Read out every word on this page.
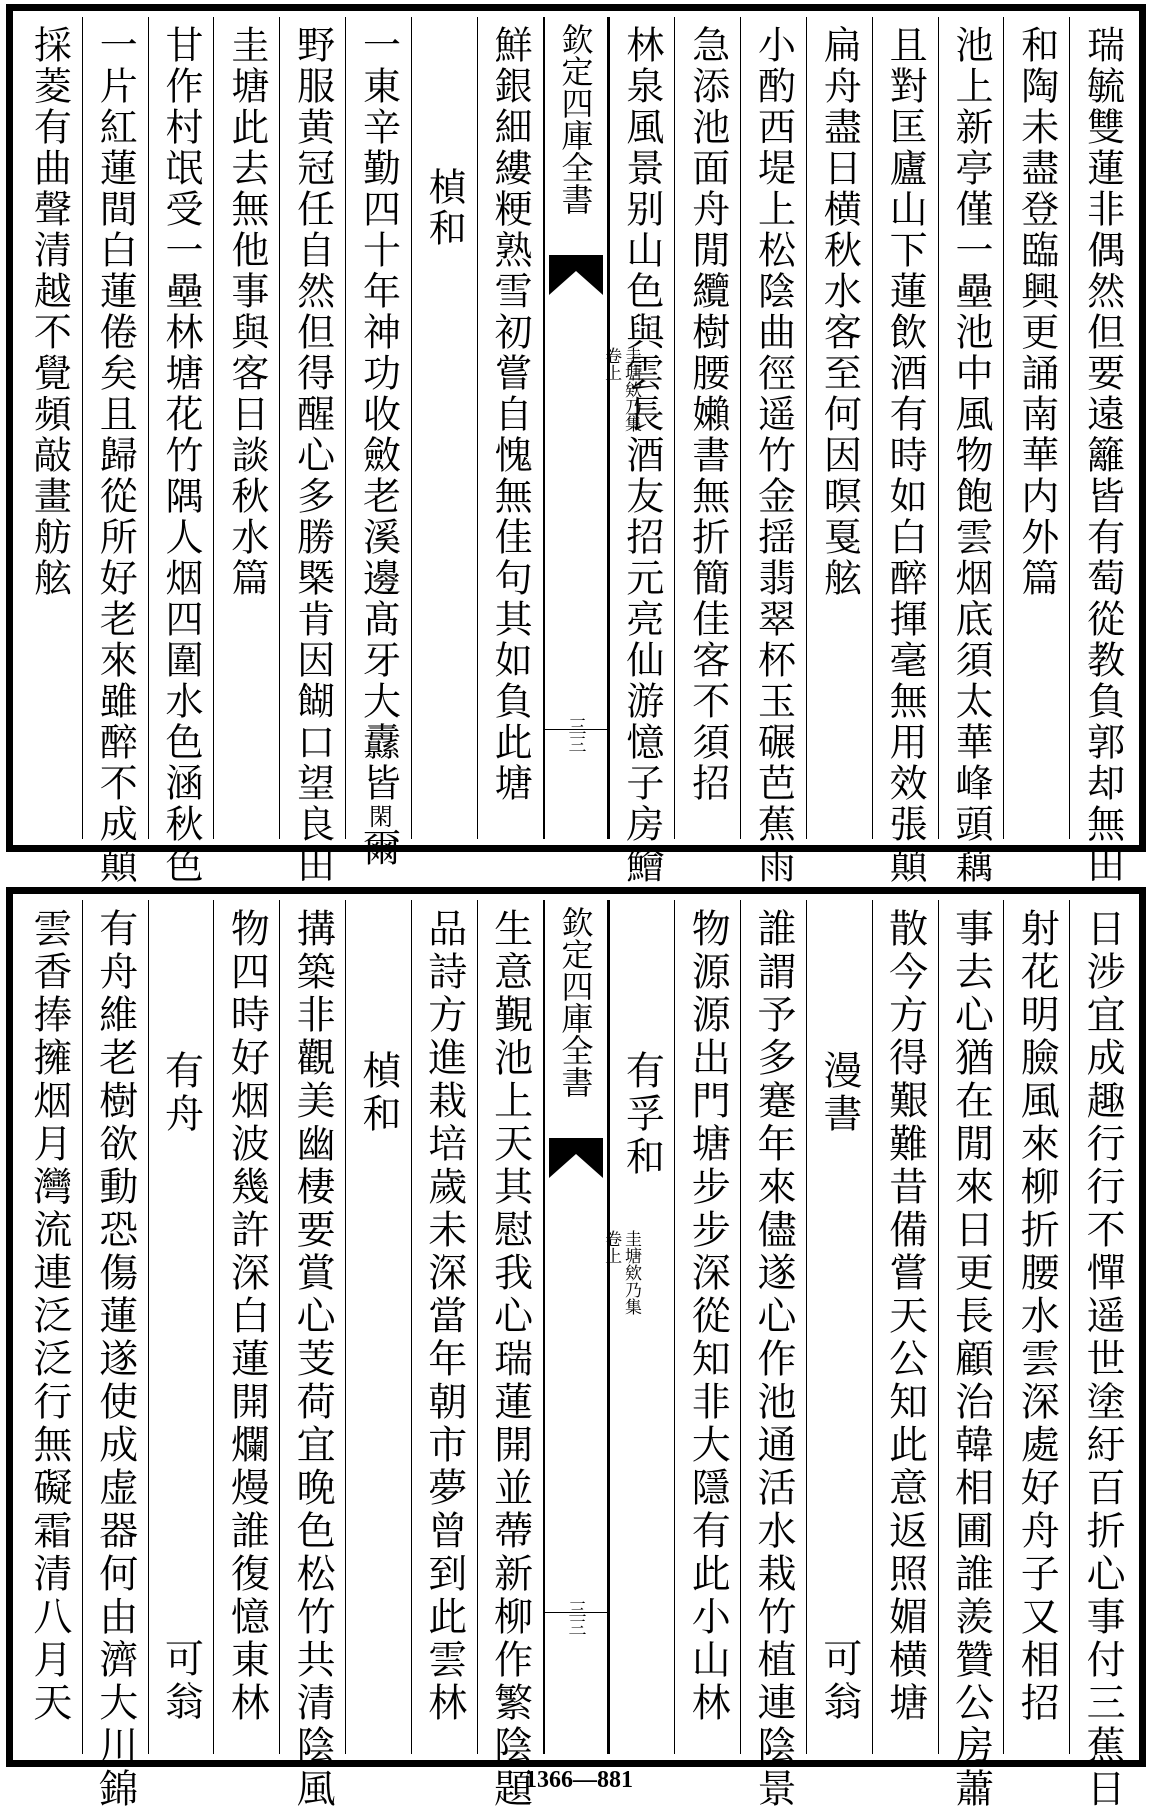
瑞毓雙蓮非偶然但要遠籬皆有萄從教負郭却無田
和陶未盡登臨興更誦南華内外篇
池上新亭僅一壘池中風物飽雲烟底須太華峰頭藕
且對匡廬山下蓮飲酒有時如白醉揮毫無用效張顛
扁舟盡日横秋水客至何因暝戛舷
小酌西堤上松陰曲徑遥竹金揺翡翠杯玉碾芭蕉雨
急添池面舟閒纜樹腰嬾書無折簡佳客不須招
林泉風景别山色與雲長酒友招元亮仙游憶子房鱠
欽定四庫全書
圭塘欸乃集
卷上
三三
鮮銀細縷粳熟雪初嘗自愧無佳句其如負此塘
楨和
一東辛勤四十年神功收斂老溪邊髙牙大纛皆閑爾
野服黄冠任自然但得醒心多勝槩肯因餬口望良田
圭塘此去無他事與客日談秋水篇
甘作村氓受一壘林塘花竹隅人烟四圍水色涵秋色
一片紅蓮間白蓮倦矣且歸從所好老來雖醉不成顛
採菱有曲聲清越不覺頻敲畫舫舷
日涉宜成趣行行不憚遥世塗紆百折心事付三蕉日
射花明臉風來柳折腰水雲深處好舟子又相招
事去心猶在閒來日更長顧治韓相圃誰羨贊公房蕭
散今方得艱難昔備嘗天公知此意返照媚横塘
漫書
可翁
誰謂予多蹇年來儘遂心作池通活水栽竹植連陰景
物源源出門塘步步深從知非大隱有此小山林
有孚和
欽定四庫全書
圭塘欸乃集
卷上
三三
生意覲池上天其慰我心瑞蓮開並蔕新柳作繁陰題
品詩方進栽培歲未深當年朝市夢曾到此雲林
楨和
搆築非觀美幽棲要賞心芰荷宜晚色松竹共清陰風
物四時好烟波幾許深白蓮開爛熳誰復憶東林
有舟
可翁
有舟維老樹欲動恐傷蓮遂使成虚器何由濟大川錦
雲香捧擁烟月灣流連泛泛行無礙霜清八月天
1366—881
